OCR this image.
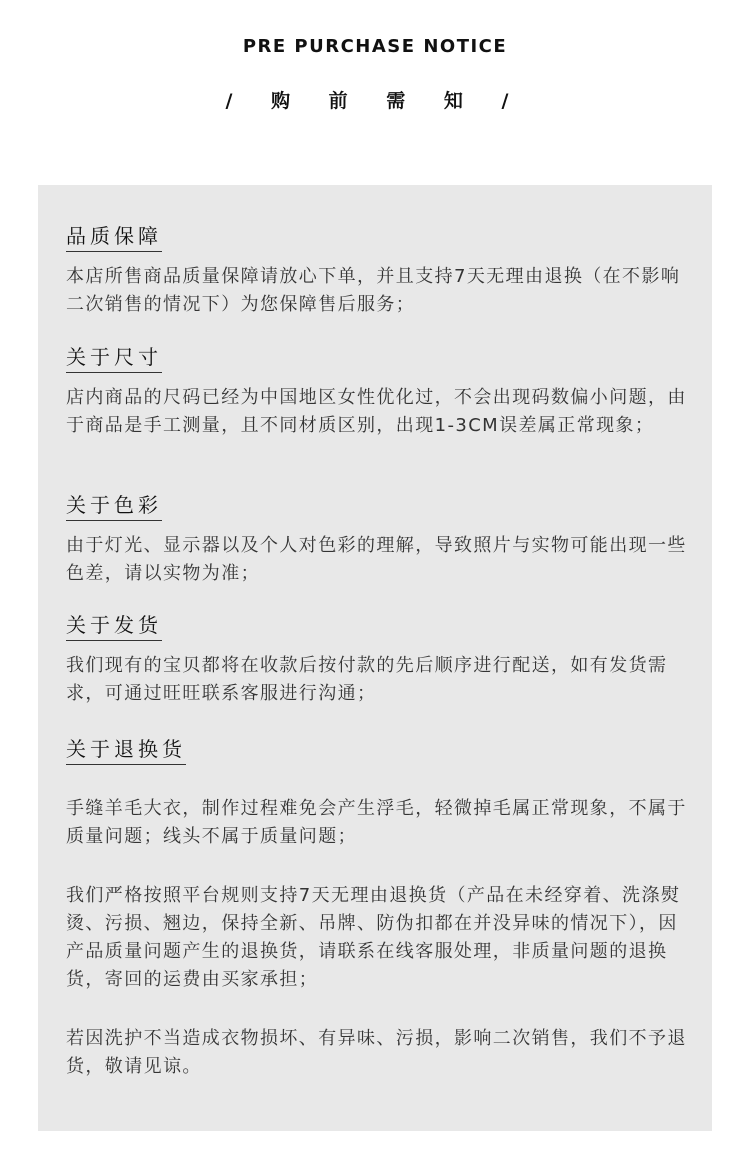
PRE PURCHASE NOTICE
/ 购 前 需 知 /
品质保障

本店所售商品质量保障请放心下单，并且支持7天无理由退换（在不影响二次销售的情况下）为您保障售后服务；

关于尺寸

店内商品的尺码已经为中国地区女性优化过，不会出现码数偏小问题，由于商品是手工测量，且不同材质区别，出现1-3CM误差属正常现象；

关于色彩

由于灯光、显示器以及个人对色彩的理解，导致照片与实物可能出现一些色差，请以实物为准；

关于发货

我们现有的宝贝都将在收款后按付款的先后顺序进行配送，如有发货需求，可通过旺旺联系客服进行沟通；

关于退换货

手缝羊毛大衣，制作过程难免会产生浮毛，轻微掉毛属正常现象，不属于质量问题；线头不属于质量问题；

我们严格按照平台规则支持7天无理由退换货（产品在未经穿着、洗涤熨烫、污损、翘边，保持全新、吊牌、防伪扣都在并没异味的情况下），因产品质量问题产生的退换货，请联系在线客服处理，非质量问题的退换货，寄回的运费由买家承担；

若因洗护不当造成衣物损坏、有异味、污损，影响二次销售，我们不予退货，敬请见谅。
